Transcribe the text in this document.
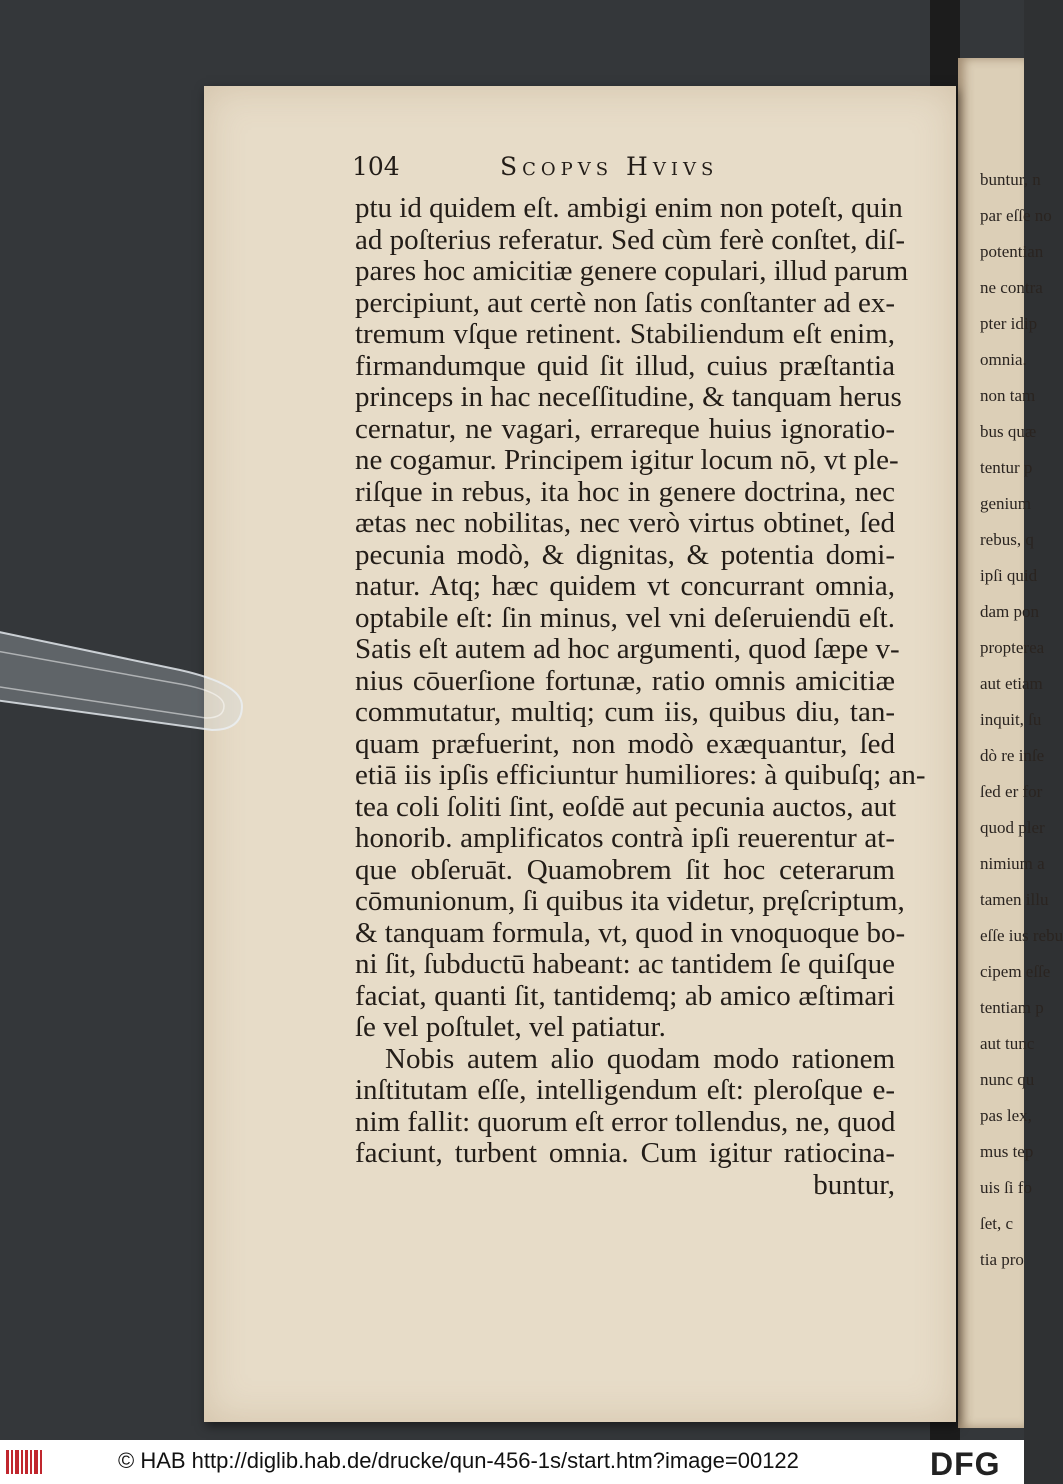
buntur, n
par eſſe no
potentian
ne contra
pter idip
omnia.
non tam
bus quæ
tentur p
genium
rebus, q
ipſi quid
dam pon
propterea
aut etiam
inquit, ſu
dò re inſe
ſed er for
quod pler
nimium a
tamen illu
eſſe ius rebu
cipem eſſe
tentiam p
aut tunc
nunc qu
pas lex,
mus tep
uis ſi fo
ſet, c
tia pro
104	Scopvs Hvivs
ptu id quidem eſt. ambigi enim non poteſt, quin
ad poſterius referatur. Sed cùm ferè conſtet, diſ-
pares hoc amicitiæ genere copulari, illud parum
percipiunt, aut certè non ſatis conſtanter ad ex-
tremum vſque retinent. Stabiliendum eſt enim,
firmandumque quid ſit illud, cuius præſtantia
princeps in hac neceſſitudine, & tanquam herus
cernatur, ne vagari, errareque huius ignoratio-
ne cogamur. Principem igitur locum nō, vt ple-
riſque in rebus, ita hoc in genere doctrina, nec
ætas nec nobilitas, nec verò virtus obtinet, ſed
pecunia modò, & dignitas, & potentia domi-
natur. Atq; hæc quidem vt concurrant omnia,
optabile eſt: ſin minus, vel vni deſeruiendū eſt.
Satis eſt autem ad hoc argumenti, quod ſæpe v-
nius cōuerſione fortunæ, ratio omnis amicitiæ
commutatur, multiq; cum iis, quibus diu, tan-
quam præfuerint, non modò exæquantur, ſed
etiā iis ipſis efficiuntur humiliores: à quibuſq; an-
tea coli ſoliti ſint, eoſdē aut pecunia auctos, aut
honorib. amplificatos contrà ipſi reuerentur at-
que obſeruāt. Quamobrem ſit hoc ceterarum
cōmunionum, ſi quibus ita videtur, pręſcriptum,
& tanquam formula, vt, quod in vnoquoque bo-
ni ſit, ſubductū habeant: ac tantidem ſe quiſque
faciat, quanti ſit, tantidemq; ab amico æſtimari
ſe vel poſtulet, vel patiatur.
Nobis autem alio quodam modo rationem
inſtitutam eſſe, intelligendum eſt: pleroſque e-
nim fallit: quorum eſt error tollendus, ne, quod
faciunt, turbent omnia. Cum igitur ratiocina-
buntur,
© HAB http://diglib.hab.de/drucke/qun-456-1s/start.htm?image=00122	DFG
